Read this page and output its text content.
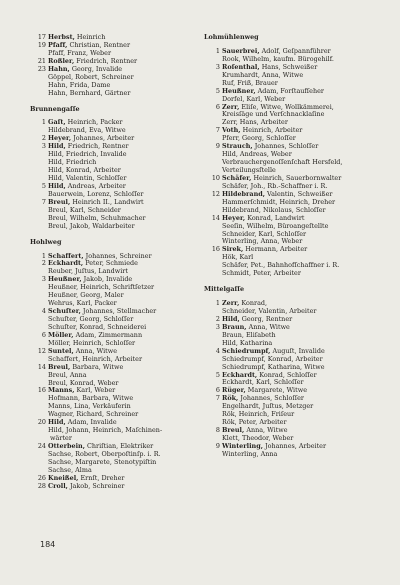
17 Herbst, Heinrich
19 Pfaff, Christian, Rentner
Pfaff, Franz, Weber
21 Roßler, Friedrich, Rentner
23 Hahn, Georg, Invalide
Göppel, Robert, Schreiner
Hahn, Frida, Dame
Hahn, Bernhard, Gärtner
Brunnengaſſe
1 Gaſt, Heinrich, Packer
Hildebrand, Eva, Witwe
2 Heyer, Johannes, Arbeiter
3 Hild, Friedrich, Rentner
Hild, Friedrich, Invalide
Hild, Friedrich
Hild, Konrad, Arbeiter
Hild, Valentin, Schloſſer
5 Hild, Andreas, Arbeiter
Bauerwein, Lorenz, Schloſſer
7 Breul, Heinrich II., Landwirt
Breul, Karl, Schneider
Breul, Wilhelm, Schuhmacher
Breul, Jakob, Waldarbeiter
Hohlweg
1 Schaffert, Johannes, Schreiner
2 Eckhardt, Peter, Schmiede
Reuber, Juſtus, Landwirt
3 Heußner, Jakob, Invalide
Heußner, Heinrich, Schriftſetzer
Heußner, Georg, Maler
Wehrus, Karl, Packer
4 Schuſter, Johannes, Stellmacher
Schuſter, Georg, Schloſſer
Schuſter, Konrad, Schneiderei
6 Möller, Adam, Zimmermann
Möller, Heinrich, Schloſſer
12 Suntel, Anna, Witwe
Schaffert, Heinrich, Arbeiter
14 Breul, Barbara, Witwe
Breul, Anna
Breul, Konrad, Weber
16 Manns, Karl, Weber
Hofmann, Barbara, Witwe
Manns, Lina, Verkäuferin
Wagner, Richard, Schreiner
20 Hild, Adam, Invalide
Hild, Johann, Heinrich, Maſchinen-
wärter
24 Otterbein, Chriſtian, Elektriker
Sachse, Robert, Oberpoſtinſp. i. R.
Sachse, Margarete, Stenotypiſtin
Sachse, Alma
26 Kneißel, Ernſt, Dreher
28 Croll, Jakob, Schreiner
Lohmühlenweg
1 Sauerbrei, Adolf, Geſpannführer
Rook, Wilhelm, kaufm. Bürogehilf.
3 Roſenthal, Hans, Schweißer
Krumhardt, Anna, Witwe
Ruf, Friß, Brauer
5 Heußner, Adam, Forſtaufſeher
Dorfel, Karl, Weber
6 Zerr, Eliſe, Witwe, Wollkämmerei,
Kreisſäge und Verſchnacklaſine
Zerr, Hans, Arbeiter
7 Voth, Heinrich, Arbeiter
Pferr, Georg, Schloſſer
9 Strauch, Johannes, Schloſſer
Hild, Andreas, Weber
Verbrauchergenoſſenſchaft Hersfeld,
Verteilungsſtelle
10 Schäfer, Heinrich, Sauerbornwalter
Schäfer, Joh., Rb.-Schaffner i. R.
12 Hildebrand, Valentin, Schweißer
Hammerſchmidt, Heinrich, Dreher
Hildebrand, Nikolaus, Schloſſer
14 Heyer, Konrad, Landwirt
Seeſin, Wilhelm, Büroangeſtellte
Schneider, Karl, Schloſſer
Winterling, Anna, Weber
16 Sirek, Hermann, Arbeiter
Hök, Karl
Schäfer, Pet., Bahnhofſchaffner i. R.
Schmidt, Peter, Arbeiter
Mittelgaſſe
1 Zerr, Konrad,
Schneider, Valentin, Arbeiter
2 Hild, Georg, Rentner
3 Braun, Anna, Witwe
Braun, Eliſabeth
Hild, Katharina
4 Schiedrumpf, Auguſt, Invalide
Schiedrumpf, Konrad, Arbeiter
Schiedrumpf, Katharina, Witwe
5 Eckhardt, Konrad, Schloſſer
Eckhardt, Karl, Schloſſer
6 Rüger, Margarete, Witwe
7 Rök, Johannes, Schloſſer
Engelhardt, Juſtus, Metzger
Rök, Heinrich, Friſeur
Rök, Peter, Arbeiter
8 Breul, Anna, Witwe
Klett, Theodor, Weber
9 Winterling, Johannes, Arbeiter
Winterling, Anna
184
